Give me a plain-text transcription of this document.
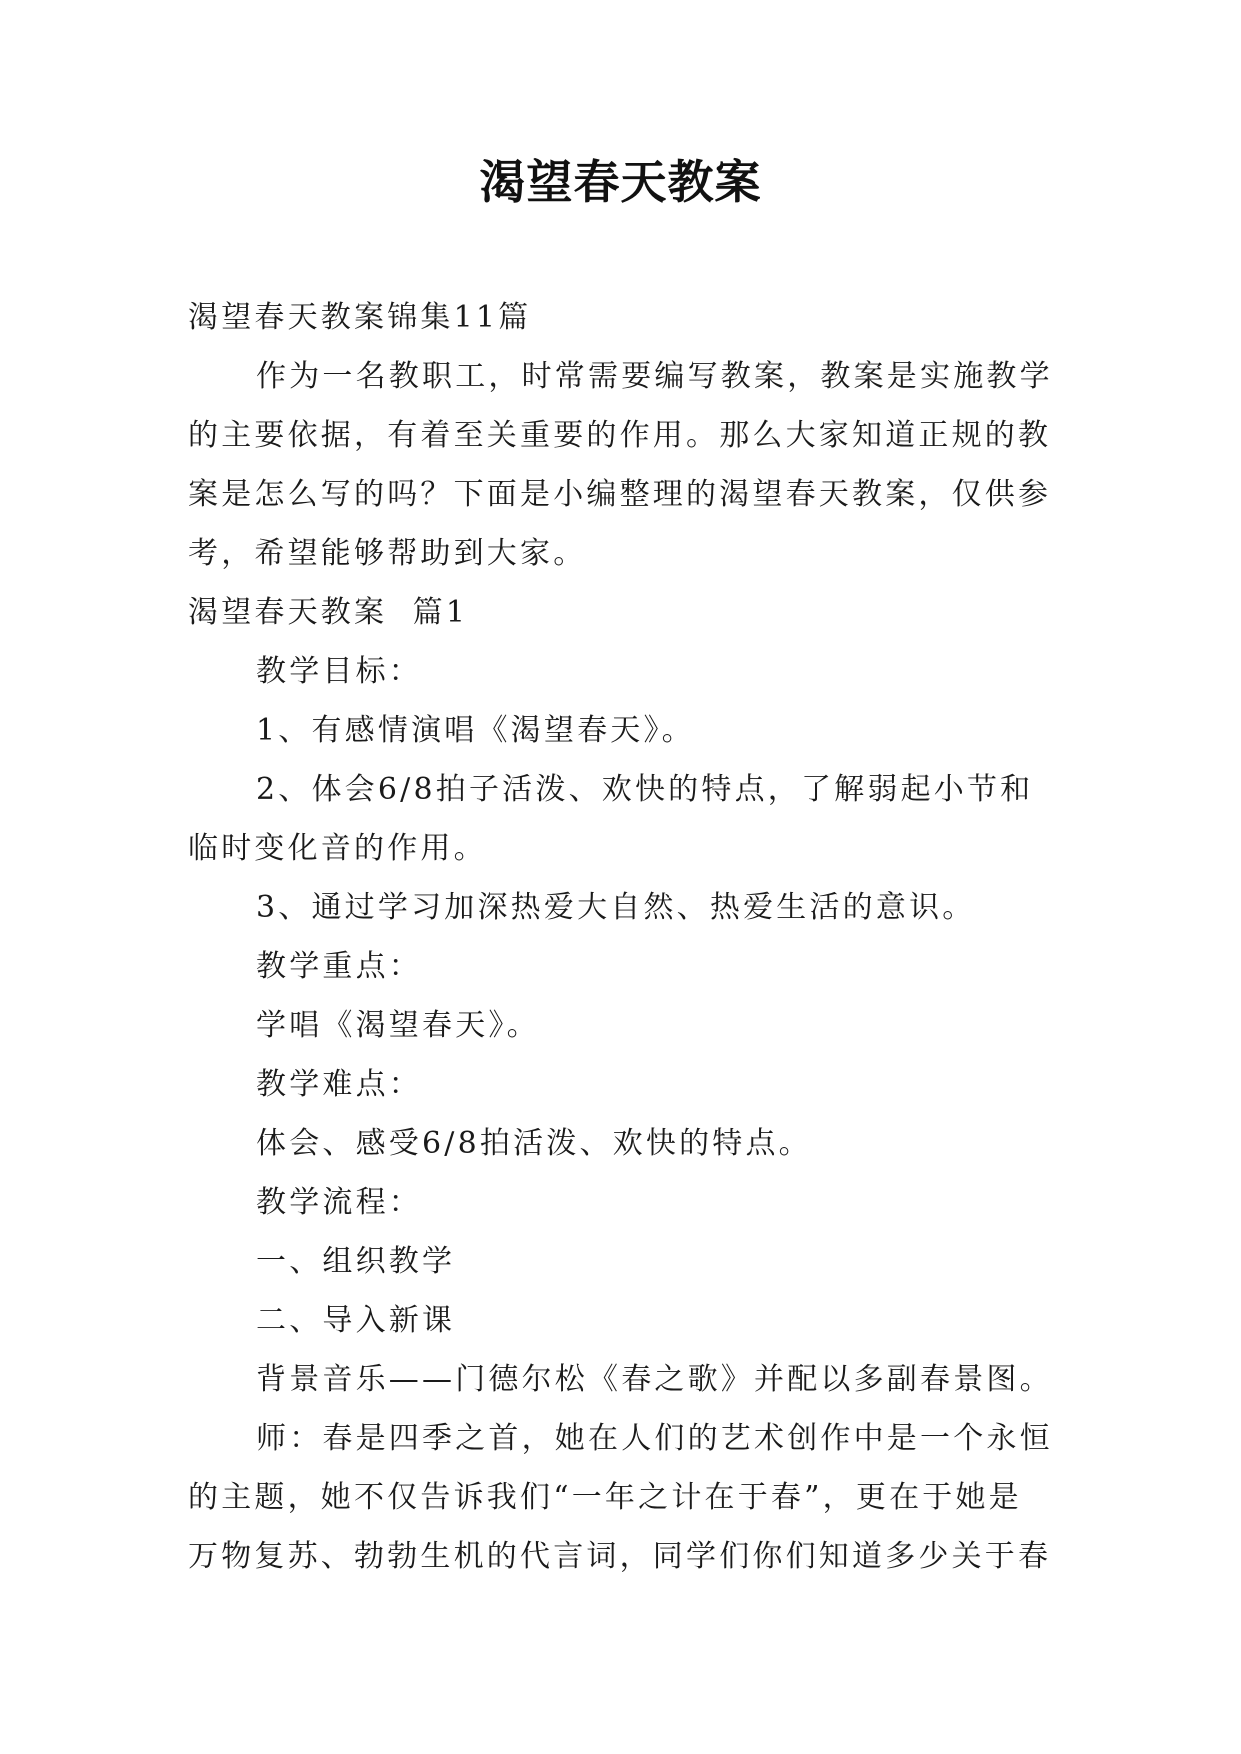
渴望春天教案

渴望春天教案锦集11篇

作为一名教职工，时常需要编写教案，教案是实施教学的主要依据，有着至关重要的作用。那么大家知道正规的教案是怎么写的吗？下面是小编整理的渴望春天教案，仅供参考，希望能够帮助到大家。

渴望春天教案  篇1

教学目标：

1、有感情演唱《渴望春天》。

2、体会6/8拍子活泼、欢快的特点，了解弱起小节和临时变化音的作用。

3、通过学习加深热爱大自然、热爱生活的意识。

教学重点：

学唱《渴望春天》。

教学难点：

体会、感受6/8拍活泼、欢快的特点。

教学流程：

一、组织教学

二、导入新课

背景音乐——门德尔松《春之歌》并配以多副春景图。

师：春是四季之首，她在人们的艺术创作中是一个永恒的主题，她不仅告诉我们“一年之计在于春”，更在于她是万物复苏、勃勃生机的代言词，同学们你们知道多少关于春
